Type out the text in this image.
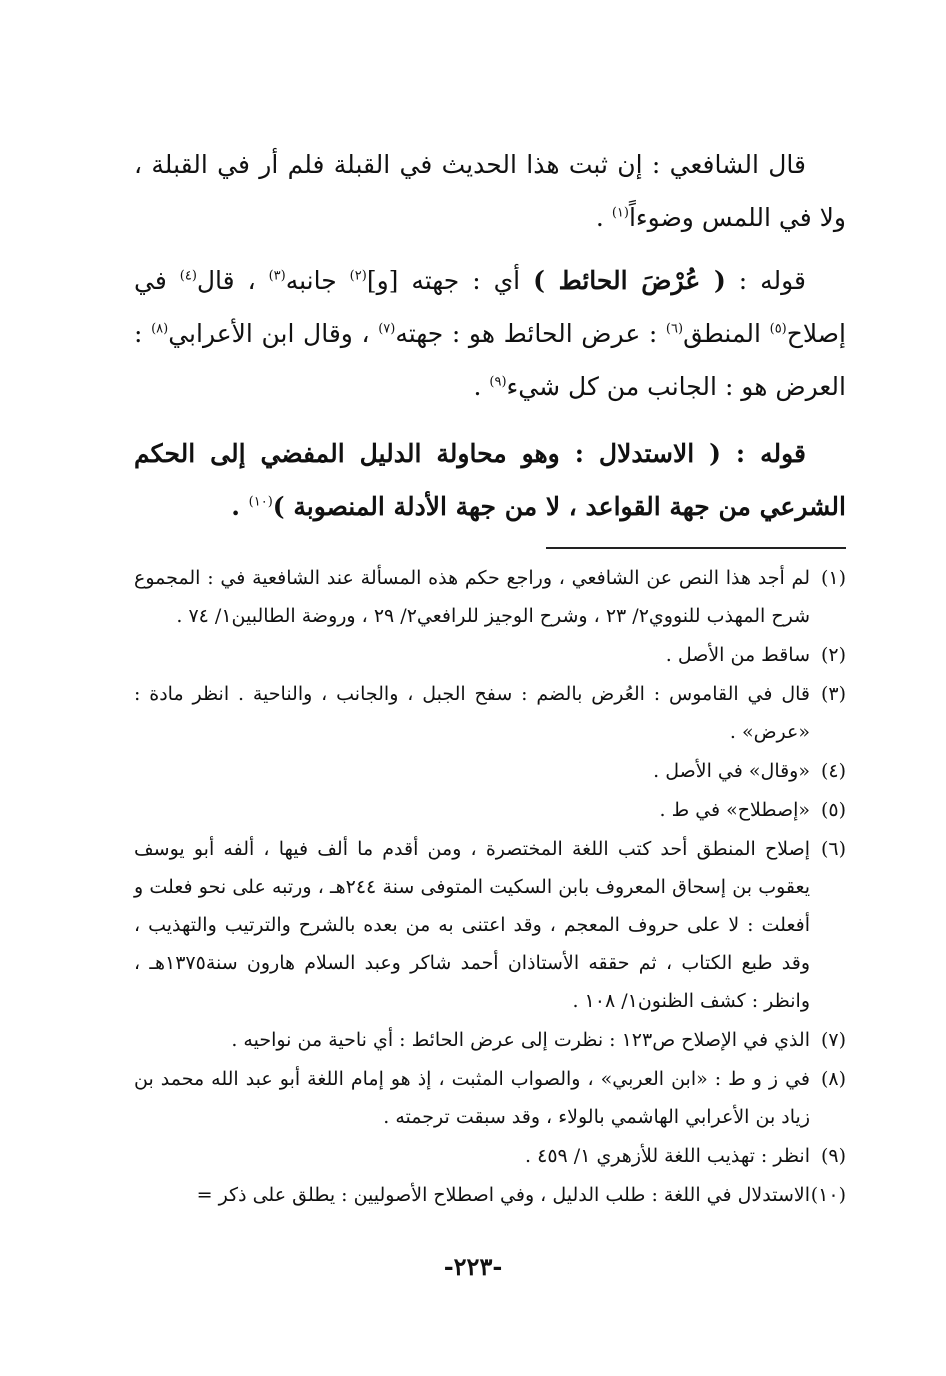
قال الشافعي : إن ثبت هذا الحديث في القبلة فلم أر في القبلة ، ولا في اللمس وضوءاً$^{(١)}$ .

قوله : ( عُرْضَ الحائط ) أي : جهته [و]$^{(٢)}$ جانبه$^{(٣)}$ ، قال$^{(٤)}$ في إصلاح$^{(٥)}$ المنطق$^{(٦)}$ : عرض الحائط هو : جهته$^{(٧)}$ ، وقال ابن الأعرابي$^{(٨)}$ : العرض هو : الجانب من كل شيء$^{(٩)}$ .

قوله : ( الاستدلال : وهو محاولة الدليل المفضي إلى الحكم الشرعي من جهة القواعد ، لا من جهة الأدلة المنصوبة )$^{(١٠)}$ .

(١)
لم أجد هذا النص عن الشافعي ، وراجع حكم هذه المسألة عند الشافعية في : المجموع شرح المهذب للنووي٢/ ٢٣ ، وشرح الوجيز للرافعي٢/ ٢٩ ، وروضة الطالبين١/ ٧٤ .
(٢)
ساقط من الأصل .
(٣)
قال في القاموس : العُرض بالضم : سفح الجبل ، والجانب ، والناحية . انظر مادة : «عرض» .
(٤)
«وقال» في الأصل .
(٥)
«إصطلاح» في ط .
(٦)
إصلاح المنطق أحد كتب اللغة المختصرة ، ومن أقدم ما ألف فيها ، ألفه أبو يوسف يعقوب بن إسحاق المعروف بابن السكيت المتوفى سنة ٢٤٤هـ ، ورتبه على نحو فعلت و أفعلت : لا على حروف المعجم ، وقد اعتنى به من بعده بالشرح والترتيب والتهذيب ، وقد طبع الكتاب ، ثم حققه الأستاذان أحمد شاكر وعبد السلام هارون سنة١٣٧٥هـ ، وانظر : كشف الظنون١/ ١٠٨ .
(٧)
الذي في الإصلاح ص١٢٣ : نظرت إلى عرض الحائط : أي ناحية من نواحيه .
(٨)
في ز و ط : «ابن العربي» ، والصواب المثبت ، إذ هو إمام اللغة أبو عبد الله محمد بن زياد بن الأعرابي الهاشمي بالولاء ، وقد سبقت ترجمته .
(٩)
انظر : تهذيب اللغة للأزهري ١/ ٤٥٩ .
(١٠)
الاستدلال في اللغة : طلب الدليل ، وفي اصطلاح الأصوليين : يطلق على ذكر =
-٢٢٣-
